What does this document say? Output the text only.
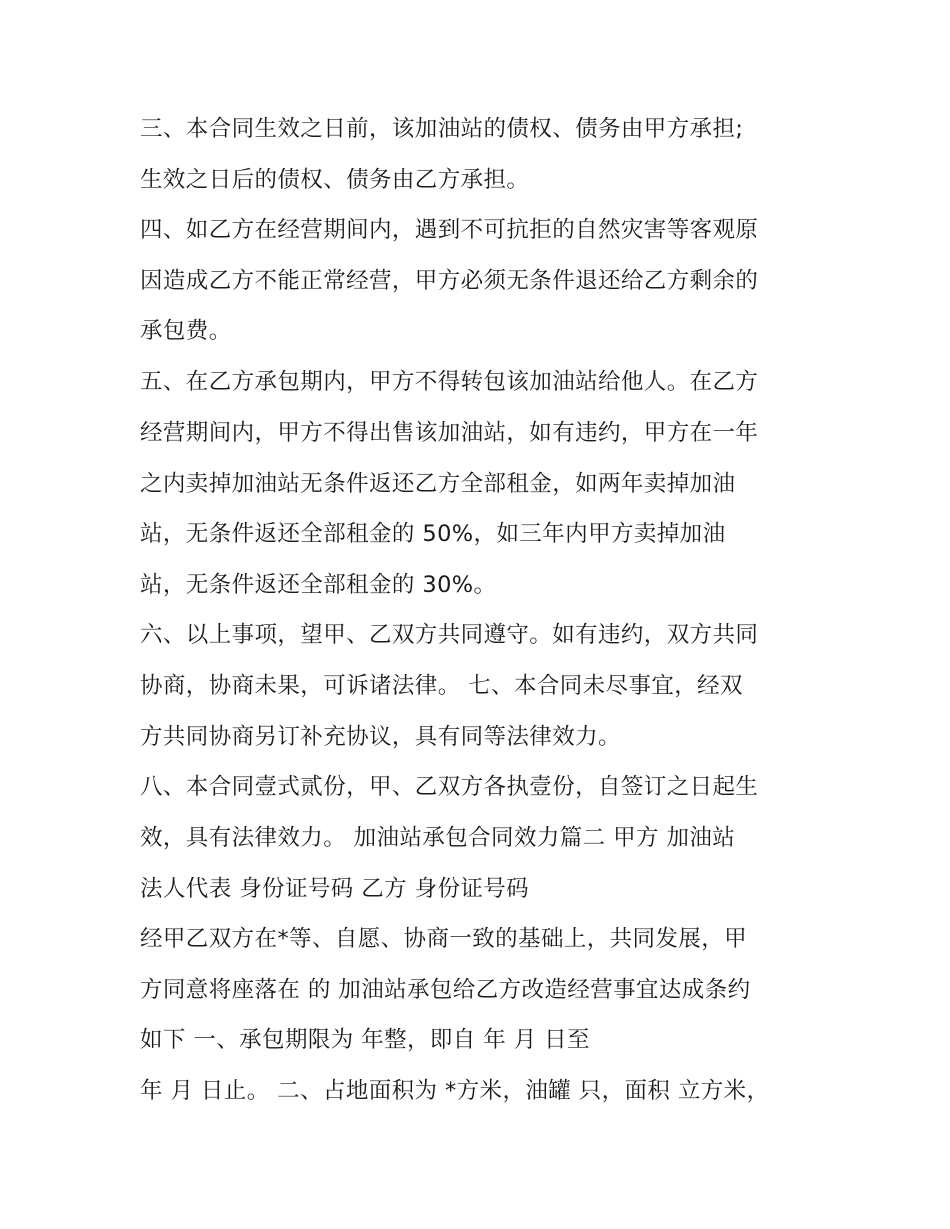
三、本合同生效之日前，该加油站的债权、债务由甲方承担;
生效之日后的债权、债务由乙方承担。
四、如乙方在经营期间内，遇到不可抗拒的自然灾害等客观原
因造成乙方不能正常经营，甲方必须无条件退还给乙方剩余的
承包费。
五、在乙方承包期内，甲方不得转包该加油站给他人。在乙方
经营期间内，甲方不得出售该加油站，如有违约，甲方在一年
之内卖掉加油站无条件返还乙方全部租金，如两年卖掉加油
站，无条件返还全部租金的 50%，如三年内甲方卖掉加油
站，无条件返还全部租金的 30%。
六、以上事项，望甲、乙双方共同遵守。如有违约，双方共同
协商，协商未果，可诉诸法律。 七、本合同未尽事宜，经双
方共同协商另订补充协议，具有同等法律效力。
八、本合同壹式贰份，甲、乙双方各执壹份，自签订之日起生
效，具有法律效力。 加油站承包合同效力篇二 甲方 加油站
法人代表 身份证号码 乙方 身份证号码
经甲乙双方在*等、自愿、协商一致的基础上，共同发展，甲
方同意将座落在 的 加油站承包给乙方改造经营事宜达成条约
如下 一、承包期限为 年整，即自 年 月 日至
年 月 日止。 二、占地面积为 *方米，油罐 只，面积 立方米，
